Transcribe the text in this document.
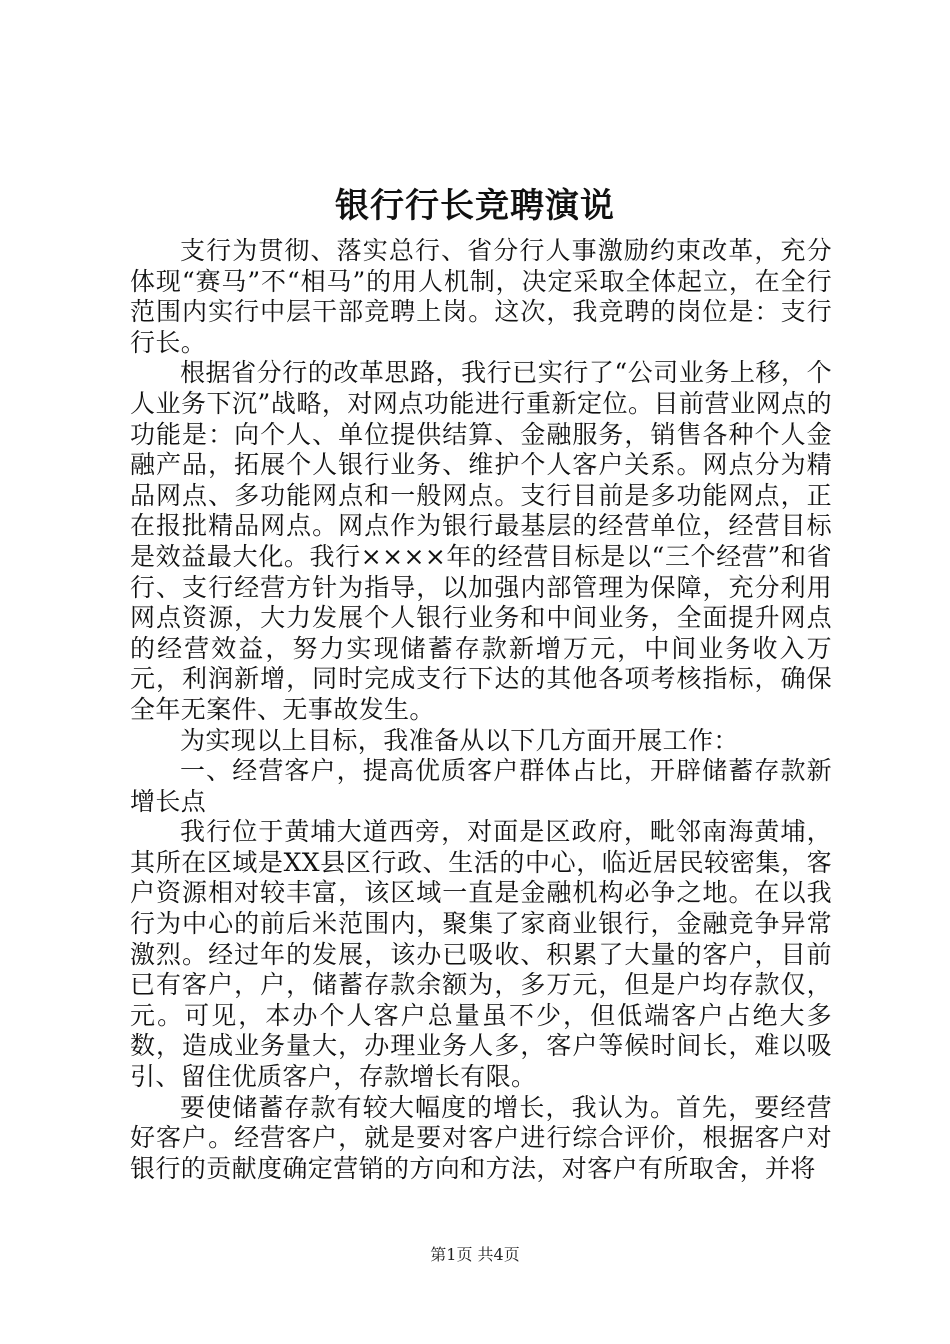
银行行长竞聘演说

支行为贯彻、落实总行、省分行人事激励约束改革，充分体现“赛马”不“相马”的用人机制，决定采取全体起立，在全行范围内实行中层干部竞聘上岗。这次，我竞聘的岗位是：支行行长。

根据省分行的改革思路，我行已实行了“公司业务上移，个人业务下沉”战略，对网点功能进行重新定位。目前营业网点的功能是：向个人、单位提供结算、金融服务，销售各种个人金融产品，拓展个人银行业务、维护个人客户关系。网点分为精品网点、多功能网点和一般网点。支行目前是多功能网点，正在报批精品网点。网点作为银行最基层的经营单位，经营目标是效益最大化。我行××××年的经营目标是以“三个经营”和省行、支行经营方针为指导，以加强内部管理为保障，充分利用网点资源，大力发展个人银行业务和中间业务，全面提升网点的经营效益，努力实现储蓄存款新增万元，中间业务收入万元，利润新增，同时完成支行下达的其他各项考核指标，确保全年无案件、无事故发生。

为实现以上目标，我准备从以下几方面开展工作：

一、经营客户，提高优质客户群体占比，开辟储蓄存款新增长点

我行位于黄埔大道西旁，对面是区政府，毗邻南海黄埔，其所在区域是XX县区行政、生活的中心，临近居民较密集，客户资源相对较丰富，该区域一直是金融机构必争之地。在以我行为中心的前后米范围内，聚集了家商业银行，金融竞争异常激烈。经过年的发展，该办已吸收、积累了大量的客户，目前已有客户，户，储蓄存款余额为，多万元，但是户均存款仅，元。可见，本办个人客户总量虽不少，但低端客户占绝大多数，造成业务量大，办理业务人多，客户等候时间长，难以吸引、留住优质客户，存款增长有限。

要使储蓄存款有较大幅度的增长，我认为。首先，要经营好客户。经营客户，就是要对客户进行综合评价，根据客户对银行的贡献度确定营销的方向和方法，对客户有所取舍，并将

第1页 共4页
